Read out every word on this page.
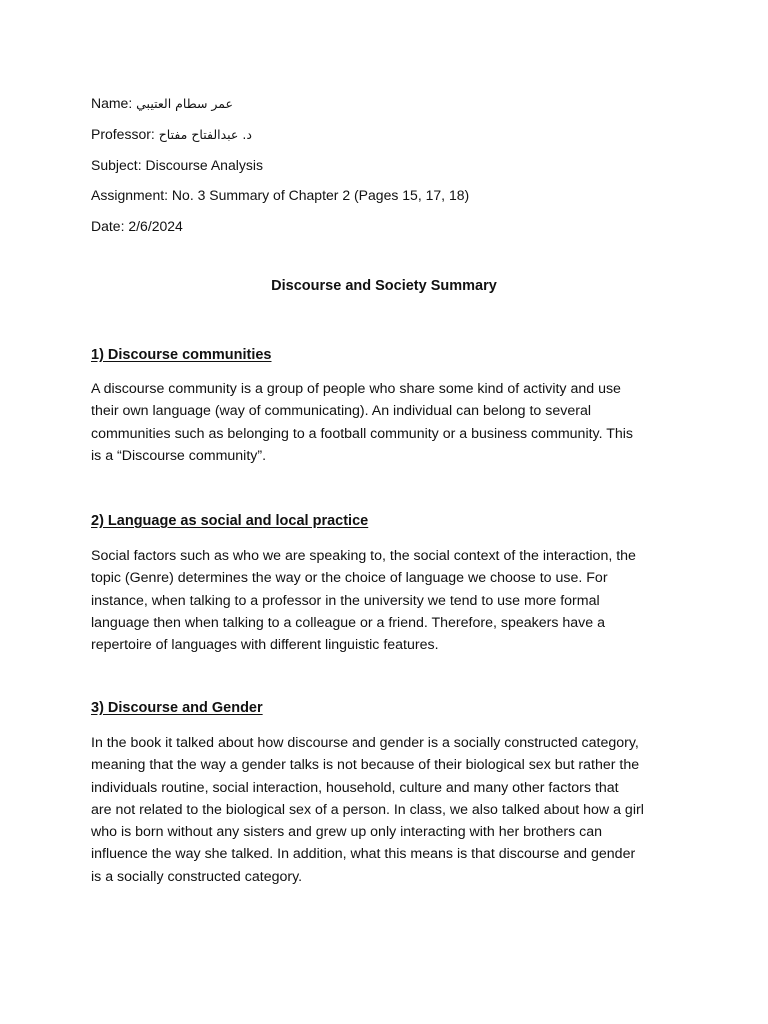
Name: عمر سطام العتيبي
Professor: د. عبدالفتاح مفتاح
Subject: Discourse Analysis
Assignment: No. 3 Summary of Chapter 2 (Pages 15, 17, 18)
Date: 2/6/2024
Discourse and Society Summary
1) Discourse communities
A discourse community is a group of people who share some kind of activity and use
their own language (way of communicating). An individual can belong to several
communities such as belonging to a football community or a business community. This
is a “Discourse community”.
2) Language as social and local practice
Social factors such as who we are speaking to, the social context of the interaction, the
topic (Genre) determines the way or the choice of language we choose to use. For
instance, when talking to a professor in the university we tend to use more formal
language then when talking to a colleague or a friend. Therefore, speakers have a
repertoire of languages with different linguistic features.
3) Discourse and Gender
In the book it talked about how discourse and gender is a socially constructed category,
meaning that the way a gender talks is not because of their biological sex but rather the
individuals routine, social interaction, household, culture and many other factors that
are not related to the biological sex of a person. In class, we also talked about how a girl
who is born without any sisters and grew up only interacting with her brothers can
influence the way she talked. In addition, what this means is that discourse and gender
is a socially constructed category.
